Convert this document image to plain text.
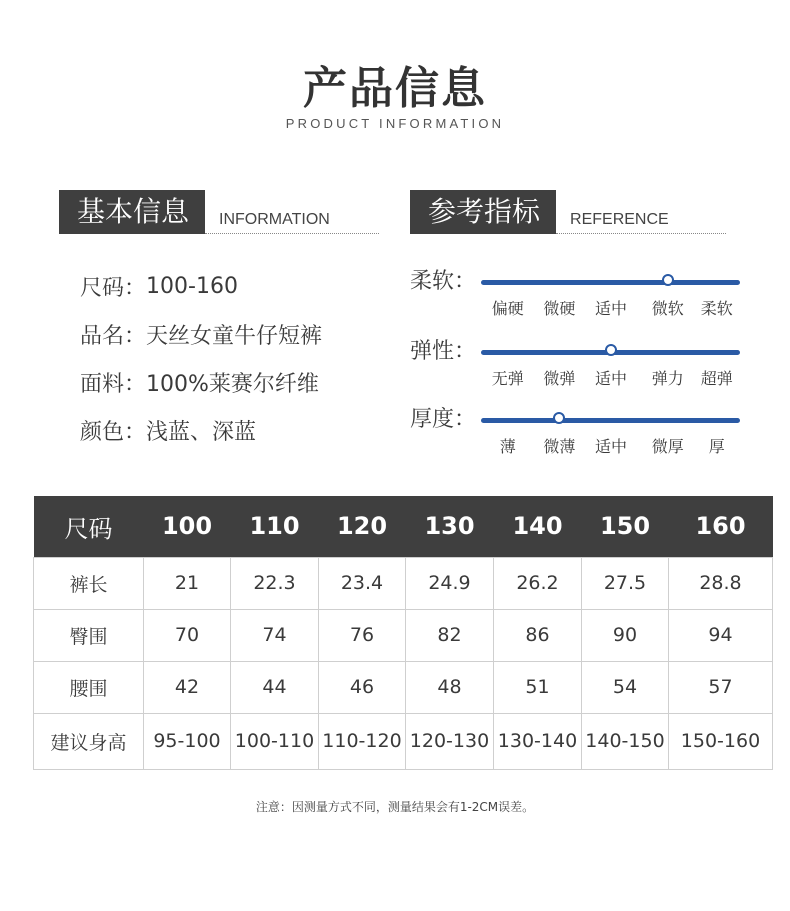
产品信息
PRODUCT INFORMATION
基本信息	INFORMATION	参考指标	REFERENCE
尺码： 100-160
品名： 天丝女童牛仔短裤
面料： 100%莱赛尔纤维
颜色： 浅蓝、深蓝
柔软：
偏硬 微硬 适中 微软 柔软
弹性：
无弹 微弹 适中 弹力 超弹
厚度：
薄 微薄 适中 微厚 厚
尺码	100	110	120	130	140	150	160
裤长	21	22.3	23.4	24.9	26.2	27.5	28.8
臀围	70	74	76	82	86	90	94
腰围	42	44	46	48	51	54	57
建议身高	95-100	100-110	110-120	120-130	130-140	140-150	150-160
注意：因测量方式不同，测量结果会有1-2CM误差。
